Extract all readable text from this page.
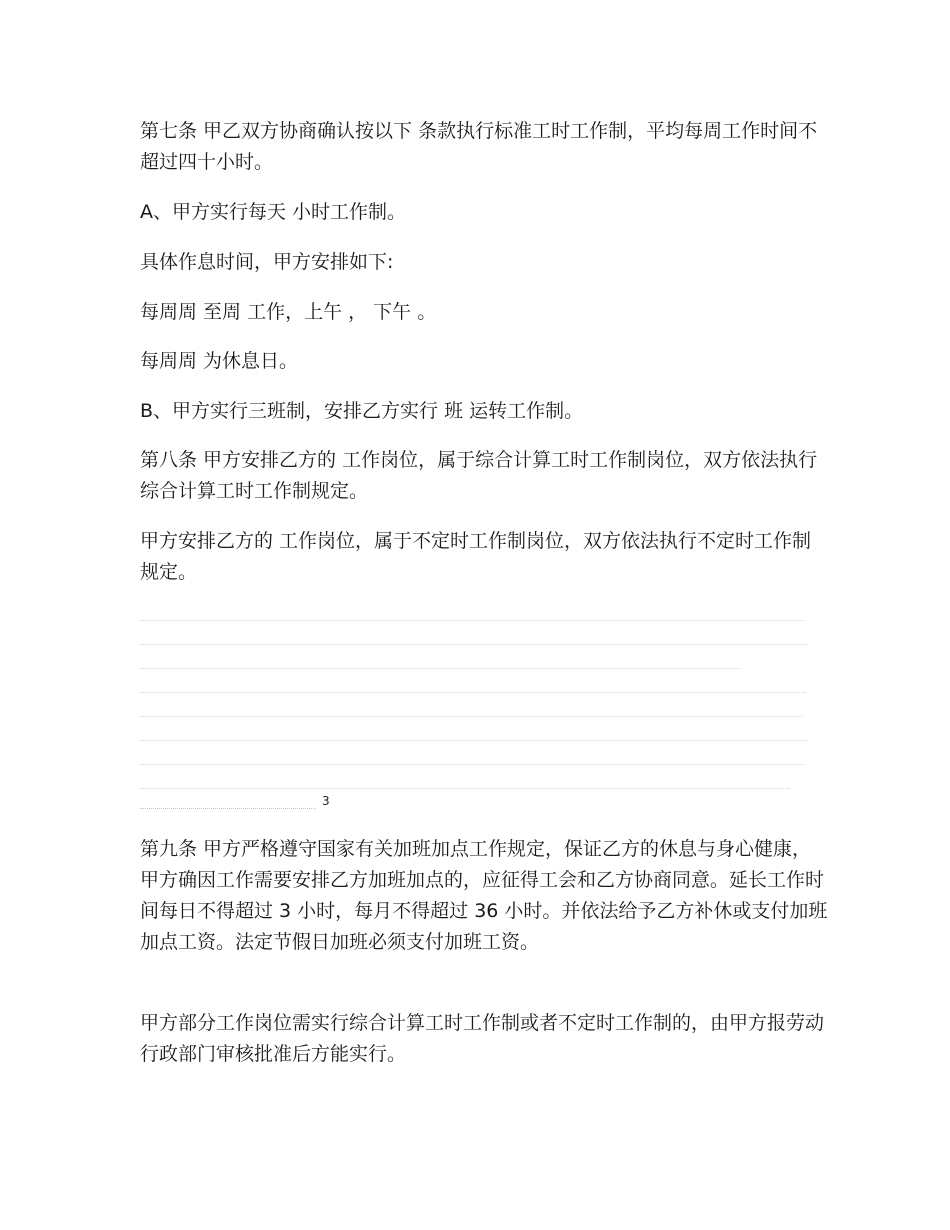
第七条 甲乙双方协商确认按以下 条款执行标准工时工作制，平均每周工作时间不超过四十小时。

A、甲方实行每天 小时工作制。

具体作息时间，甲方安排如下:

每周周 至周 工作，上午 ， 下午 。

每周周 为休息日。

B、甲方实行三班制，安排乙方实行 班 运转工作制。

第八条 甲方安排乙方的 工作岗位，属于综合计算工时工作制岗位，双方依法执行综合计算工时工作制规定。

甲方安排乙方的 工作岗位，属于不定时工作制岗位，双方依法执行不定时工作制规定。

3

第九条 甲方严格遵守国家有关加班加点工作规定，保证乙方的休息与身心健康，甲方确因工作需要安排乙方加班加点的，应征得工会和乙方协商同意。延长工作时间每日不得超过 3 小时，每月不得超过 36 小时。并依法给予乙方补休或支付加班加点工资。法定节假日加班必须支付加班工资。

甲方部分工作岗位需实行综合计算工时工作制或者不定时工作制的，由甲方报劳动行政部门审核批准后方能实行。
